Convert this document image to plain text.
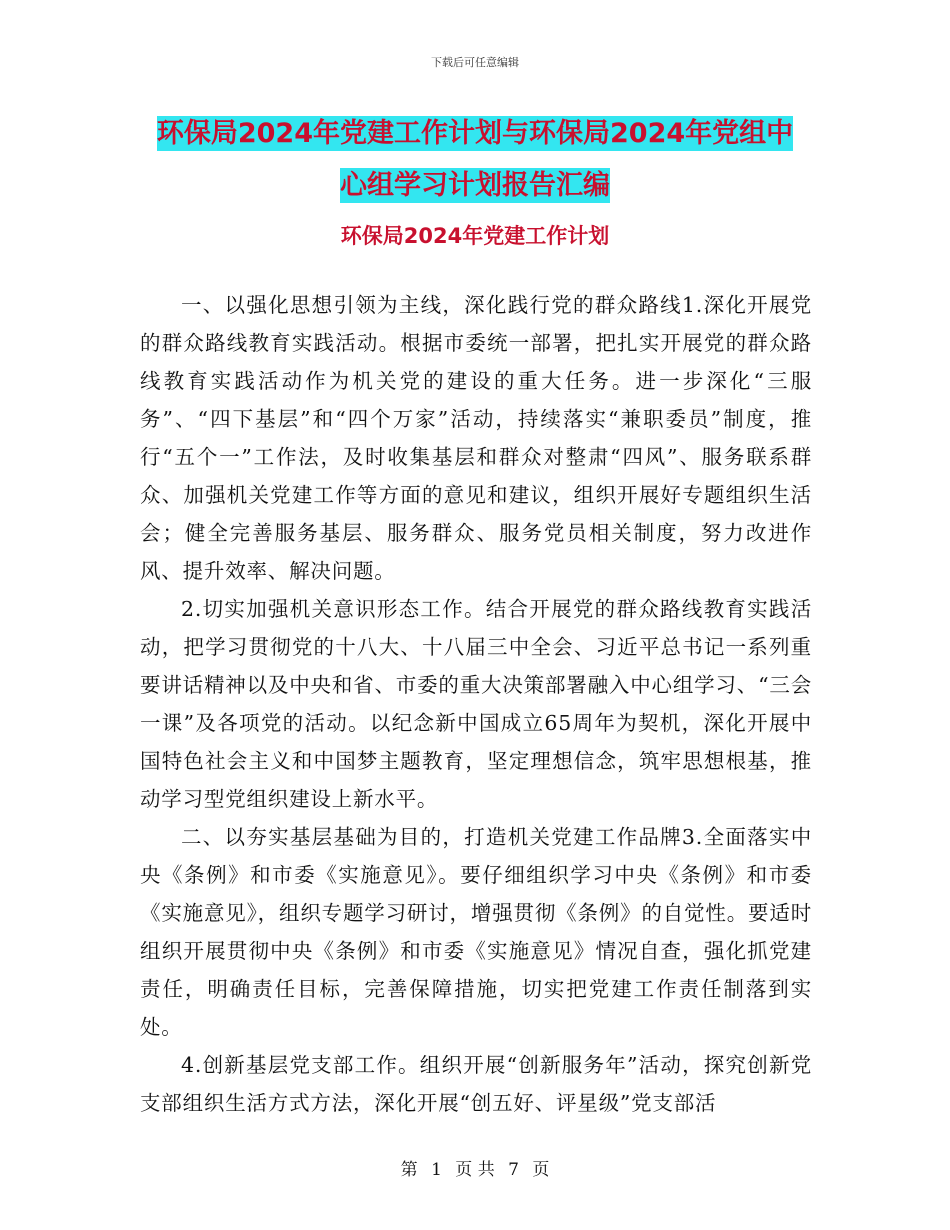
下载后可任意编辑
环保局2024年党建工作计划与环保局2024年党组中
心组学习计划报告汇编
环保局2024年党建工作计划

一、以强化思想引领为主线，深化践行党的群众路线1.深化开展党的群众路线教育实践活动。根据市委统一部署，把扎实开展党的群众路线教育实践活动作为机关党的建设的重大任务。进一步深化“三服务”、“四下基层”和“四个万家”活动，持续落实“兼职委员”制度，推行“五个一”工作法，及时收集基层和群众对整肃“四风”、服务联系群众、加强机关党建工作等方面的意见和建议，组织开展好专题组织生活会；健全完善服务基层、服务群众、服务党员相关制度，努力改进作风、提升效率、解决问题。

2.切实加强机关意识形态工作。结合开展党的群众路线教育实践活动，把学习贯彻党的十八大、十八届三中全会、习近平总书记一系列重要讲话精神以及中央和省、市委的重大决策部署融入中心组学习、“三会一课”及各项党的活动。以纪念新中国成立65周年为契机，深化开展中国特色社会主义和中国梦主题教育，坚定理想信念，筑牢思想根基，推动学习型党组织建设上新水平。

二、以夯实基层基础为目的，打造机关党建工作品牌3.全面落实中央《条例》和市委《实施意见》。要仔细组织学习中央《条例》和市委《实施意见》，组织专题学习研讨，增强贯彻《条例》的自觉性。要适时组织开展贯彻中央《条例》和市委《实施意见》情况自查，强化抓党建责任，明确责任目标，完善保障措施，切实把党建工作责任制落到实处。

4.创新基层党支部工作。组织开展“创新服务年”活动，探究创新党支部组织生活方式方法，深化开展“创五好、评星级”党支部活

第 1 页 共 7 页
